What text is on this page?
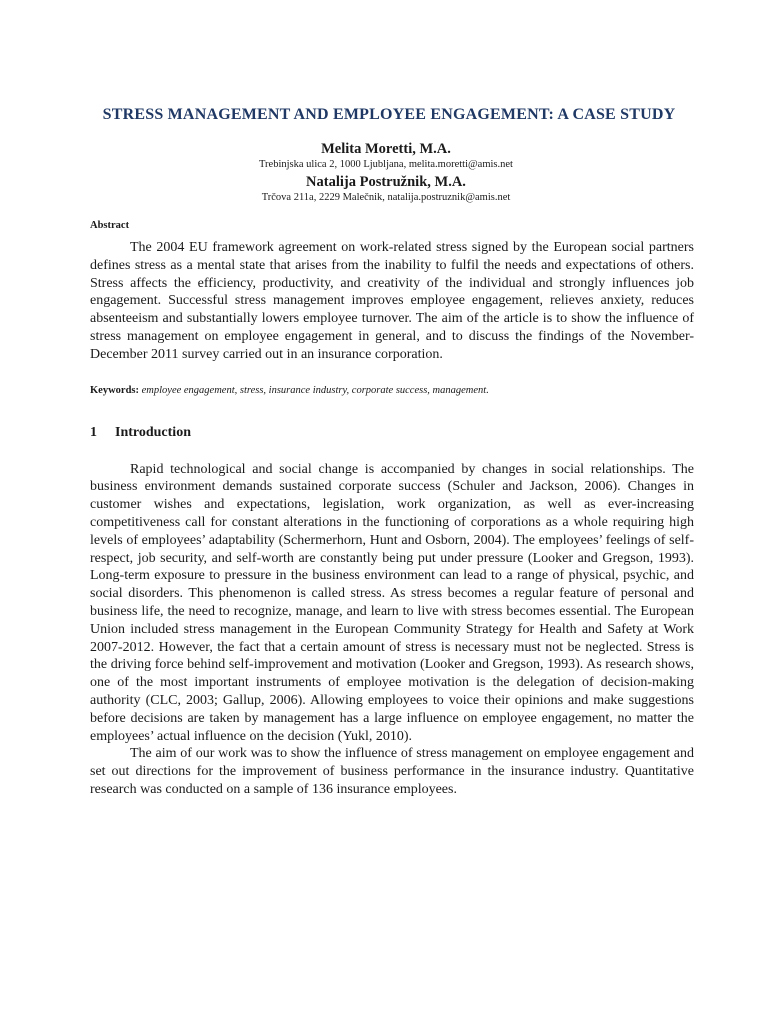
STRESS MANAGEMENT AND EMPLOYEE ENGAGEMENT: A CASE STUDY

Melita Moretti, M.A.

Trebinjska ulica 2, 1000 Ljubljana, melita.moretti@amis.net

Natalija Postružnik, M.A.

Trčova 211a, 2229 Malečnik, natalija.postruznik@amis.net

Abstract

The 2004 EU framework agreement on work-related stress signed by the European social partners defines stress as a mental state that arises from the inability to fulfil the needs and expectations of others. Stress affects the efficiency, productivity, and creativity of the individual and strongly influences job engagement. Successful stress management improves employee engagement, relieves anxiety, reduces absenteeism and substantially lowers employee turnover. The aim of the article is to show the influence of stress management on employee engagement in general, and to discuss the findings of the November-December 2011 survey carried out in an insurance corporation.

Keywords: employee engagement, stress, insurance industry, corporate success, management.

1	Introduction

Rapid technological and social change is accompanied by changes in social relationships. The business environment demands sustained corporate success (Schuler and Jackson, 2006). Changes in customer wishes and expectations, legislation, work organization, as well as ever-increasing competitiveness call for constant alterations in the functioning of corporations as a whole requiring high levels of employees’ adaptability (Schermerhorn, Hunt and Osborn, 2004). The employees’ feelings of self-respect, job security, and self-worth are constantly being put under pressure (Looker and Gregson, 1993). Long-term exposure to pressure in the business environment can lead to a range of physical, psychic, and social disorders. This phenomenon is called stress. As stress becomes a regular feature of personal and business life, the need to recognize, manage, and learn to live with stress becomes essential. The European Union included stress management in the European Community Strategy for Health and Safety at Work 2007-2012. However, the fact that a certain amount of stress is necessary must not be neglected. Stress is the driving force behind self-improvement and motivation (Looker and Gregson, 1993). As research shows, one of the most important instruments of employee motivation is the delegation of decision-making authority (CLC, 2003; Gallup, 2006). Allowing employees to voice their opinions and make suggestions before decisions are taken by management has a large influence on employee engagement, no matter the employees’ actual influence on the decision (Yukl, 2010).

The aim of our work was to show the influence of stress management on employee engagement and set out directions for the improvement of business performance in the insurance industry. Quantitative research was conducted on a sample of 136 insurance employees.
